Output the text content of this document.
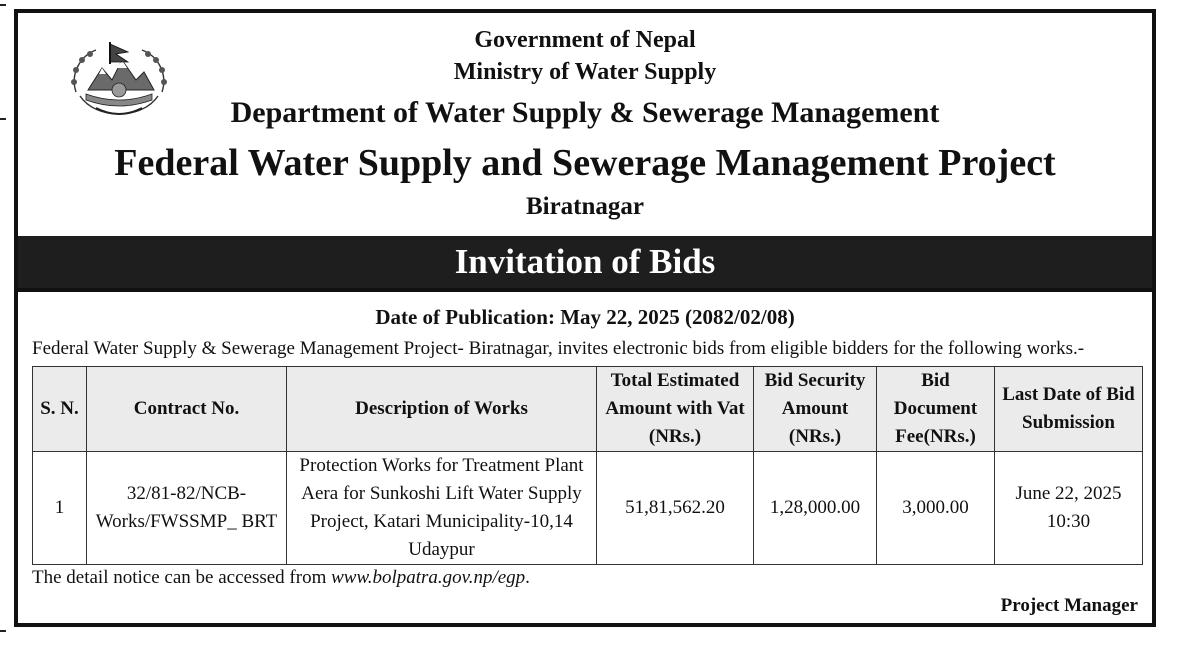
Government of Nepal
Ministry of Water Supply
Department of Water Supply & Sewerage Management
Federal Water Supply and Sewerage Management Project
Biratnagar
Invitation of Bids
Date of Publication: May 22, 2025 (2082/02/08)
Federal Water Supply & Sewerage Management Project- Biratnagar, invites electronic bids from eligible bidders for the following works.-
S. N.	Contract No.	Description of Works	Total Estimated Amount with Vat (NRs.)	Bid Security Amount (NRs.)	Bid Document Fee(NRs.)	Last Date of Bid Submission
1	32/81-82/NCB-Works/FWSSMP_ BRT	Protection Works for Treatment Plant Aera for Sunkoshi Lift Water Supply Project, Katari Municipality-10,14 Udaypur	51,81,562.20	1,28,000.00	3,000.00	June 22, 2025 10:30
The detail notice can be accessed from www.bolpatra.gov.np/egp.
Project Manager
